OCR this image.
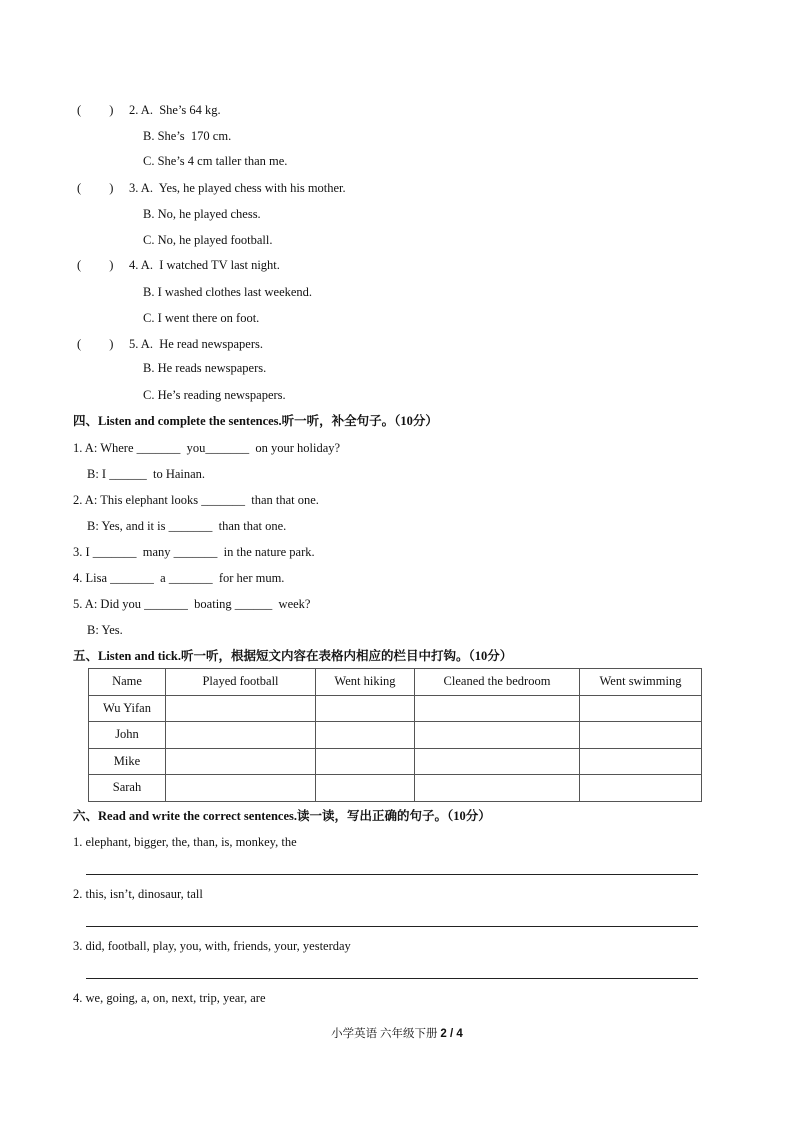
(         ) 2. A.  She’s 64 kg.
B. She’s  170 cm.
C. She’s 4 cm taller than me.
(         ) 3. A.  Yes, he played chess with his mother.
B. No, he played chess.
C. No, he played football.
(         ) 4. A.  I watched TV last night.
B. I washed clothes last weekend.
C. I went there on foot.
(         ) 5. A.  He read newspapers.
B. He reads newspapers.
C. He’s reading newspapers.
四、Listen and complete the sentences.听一听，补全句子。（10分）
1. A: Where _______  you_______  on your holiday?
B: I ______  to Hainan.
2. A: This elephant looks _______  than that one.
B: Yes, and it is _______  than that one.
3. I _______  many _______  in the nature park.
4. Lisa _______  a _______  for her mum.
5. A: Did you _______  boating ______  week?
B: Yes.
五、Listen and tick.听一听，根据短文内容在表格内相应的栏目中打钩。（10分）
Name	Played football	Went hiking	Cleaned the bedroom	Went swimming
Wu Yifan				
John				
Mike				
Sarah				
六、Read and write the correct sentences.读一读，写出正确的句子。（10分）
1. elephant, bigger, the, than, is, monkey, the
2. this, isn’t, dinosaur, tall
3. did, football, play, you, with, friends, your, yesterday
4. we, going, a, on, next, trip, year, are
小学英语 六年级下册 2 / 4
